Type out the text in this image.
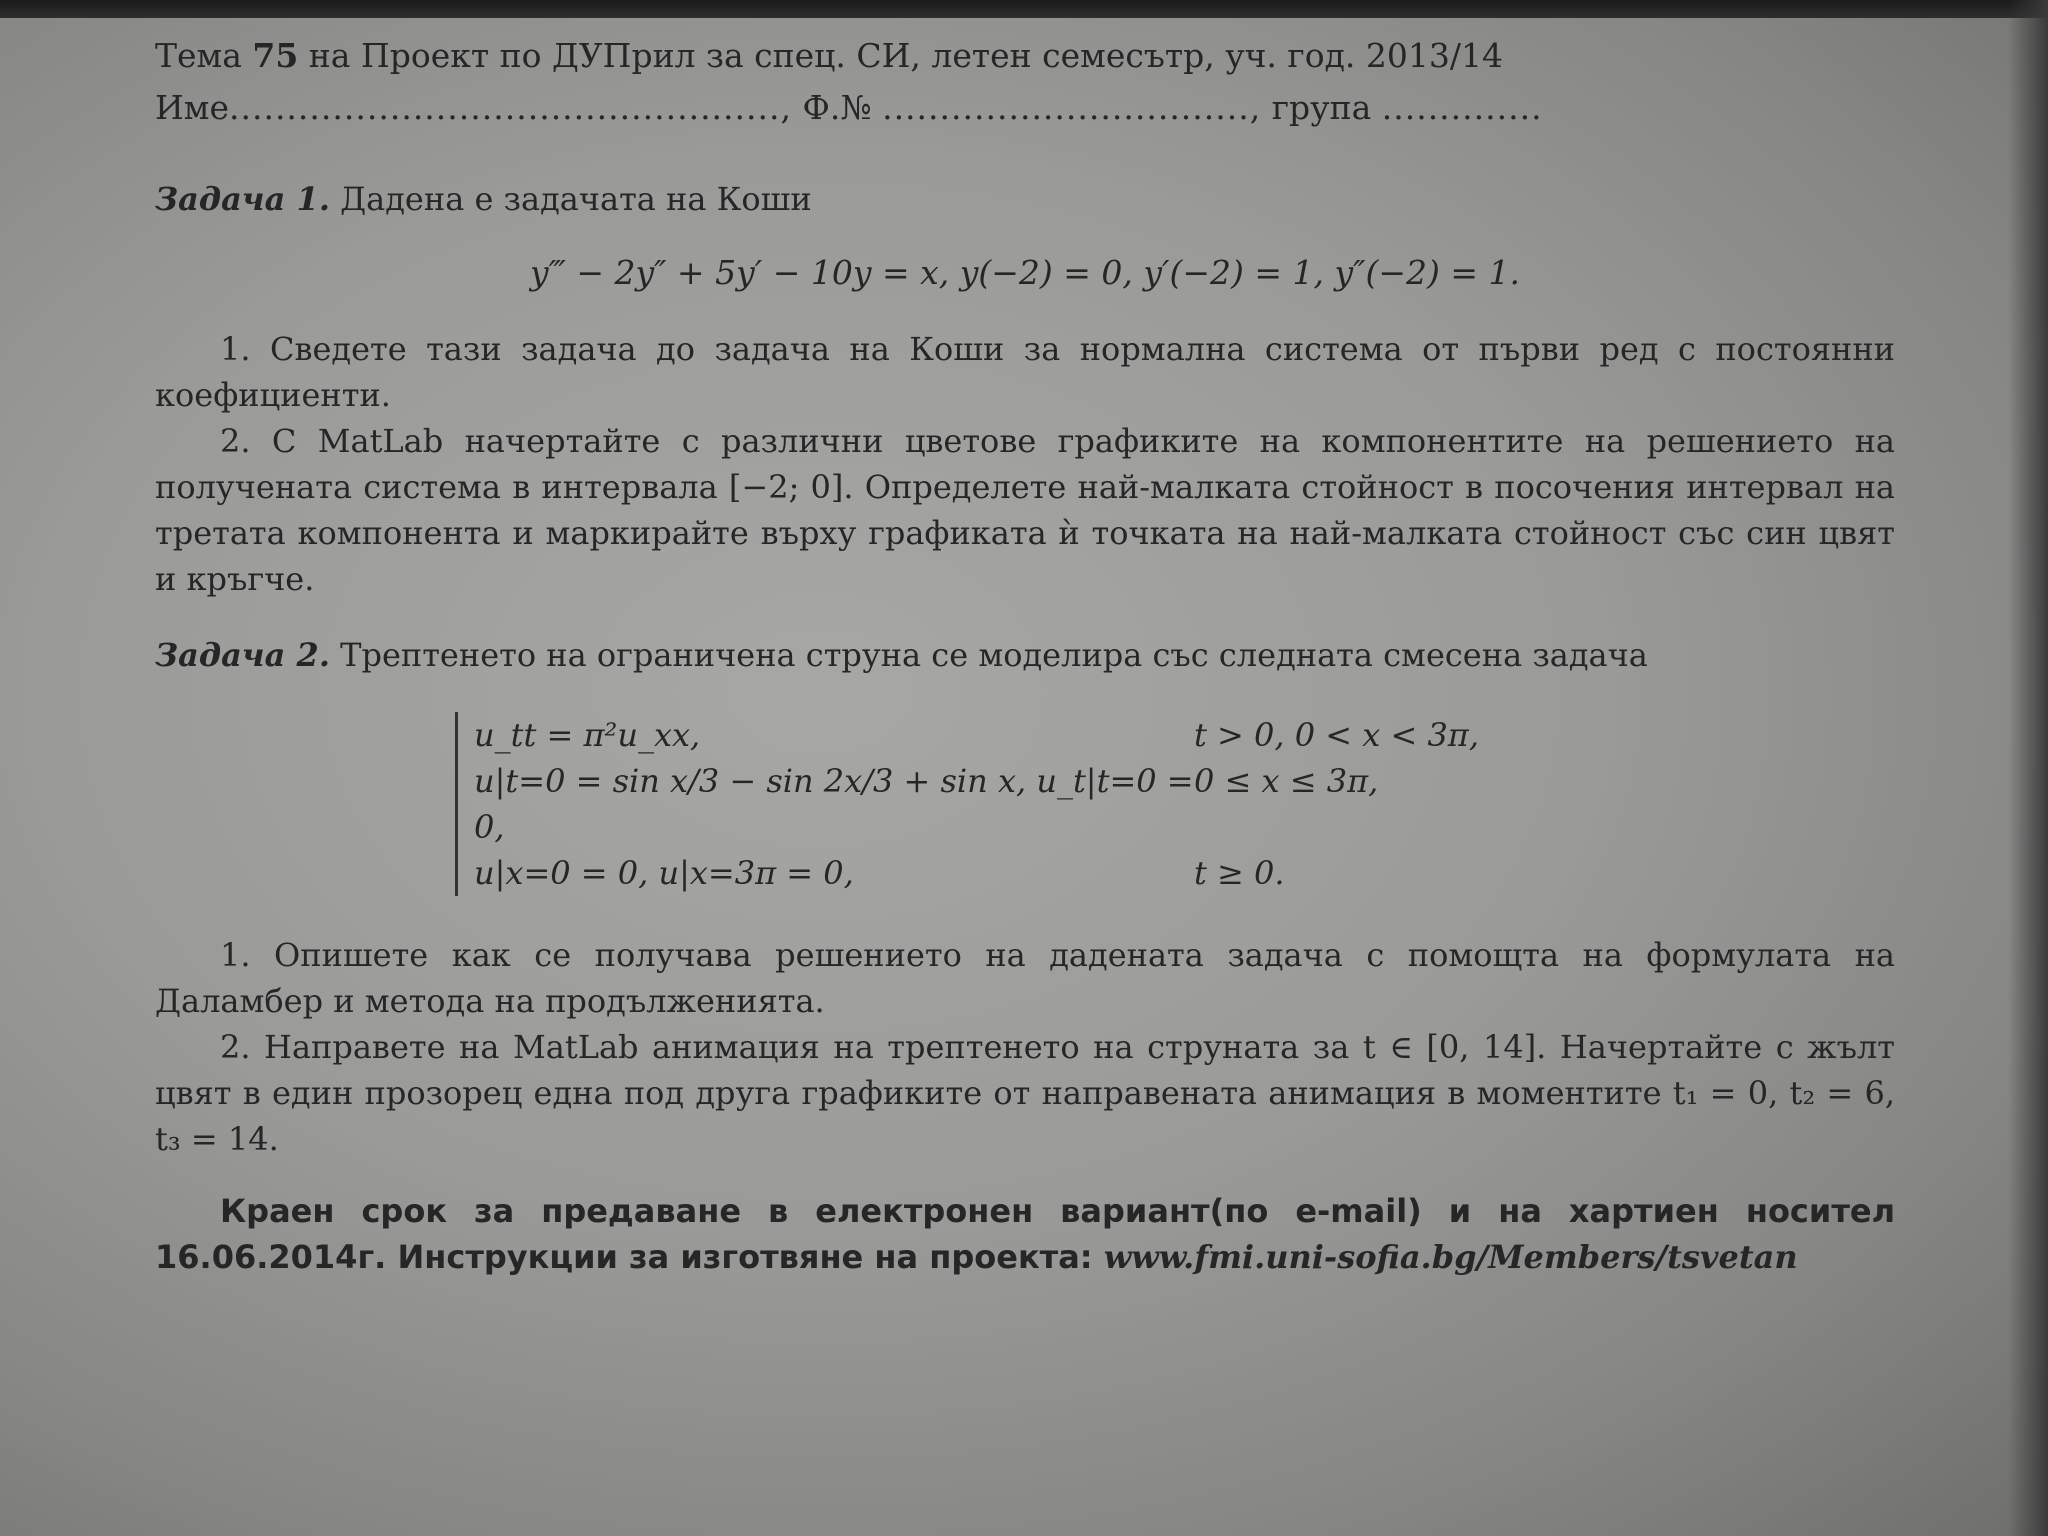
Тема 75 на Проект по ДУПрил за спец. СИ, летен семесътр, уч. год. 2013/14

Име................................................, Ф.№ ................................, група ..............

Задача 1. Дадена е задачата на Коши

y‴ − 2y″ + 5y′ − 10y = x, y(−2) = 0, y′(−2) = 1, y″(−2) = 1.

1. Сведете тази задача до задача на Коши за нормална система от първи ред с постоянни коефициенти.

2. С MatLab начертайте с различни цветове графиките на компонентите на решението на получената система в интервала [−2; 0]. Определете най-малката стойност в посочения интервал на третата компонента и маркирайте върху графиката ѝ точката на най-малката стойност със син цвят и кръгче.

Задача 2. Трептенето на ограничена струна се моделира със следната смесена задача

u_tt = π²u_xx,	t > 0, 0 < x < 3π,
u|t=0 = sin x/3 − sin 2x/3 + sin x, u_t|t=0 = 0,
0 ≤ x ≤ 3π,
u|x=0 = 0, u|x=3π = 0,	t ≥ 0.

1. Опишете как се получава решението на дадената задача с помощта на формулата на Даламбер и метода на продълженията.

2. Направете на MatLab анимация на трептенето на струната за t ∈ [0, 14]. Начертайте с жълт цвят в един прозорец една под друга графиките от направената анимация в моментите t₁ = 0, t₂ = 6, t₃ = 14.

Краен срок за предаване в електронен вариант(по e-mail) и на хартиен носител 16.06.2014г. Инструкции за изготвяне на проекта: www.fmi.uni-sofia.bg/Members/tsvetan
